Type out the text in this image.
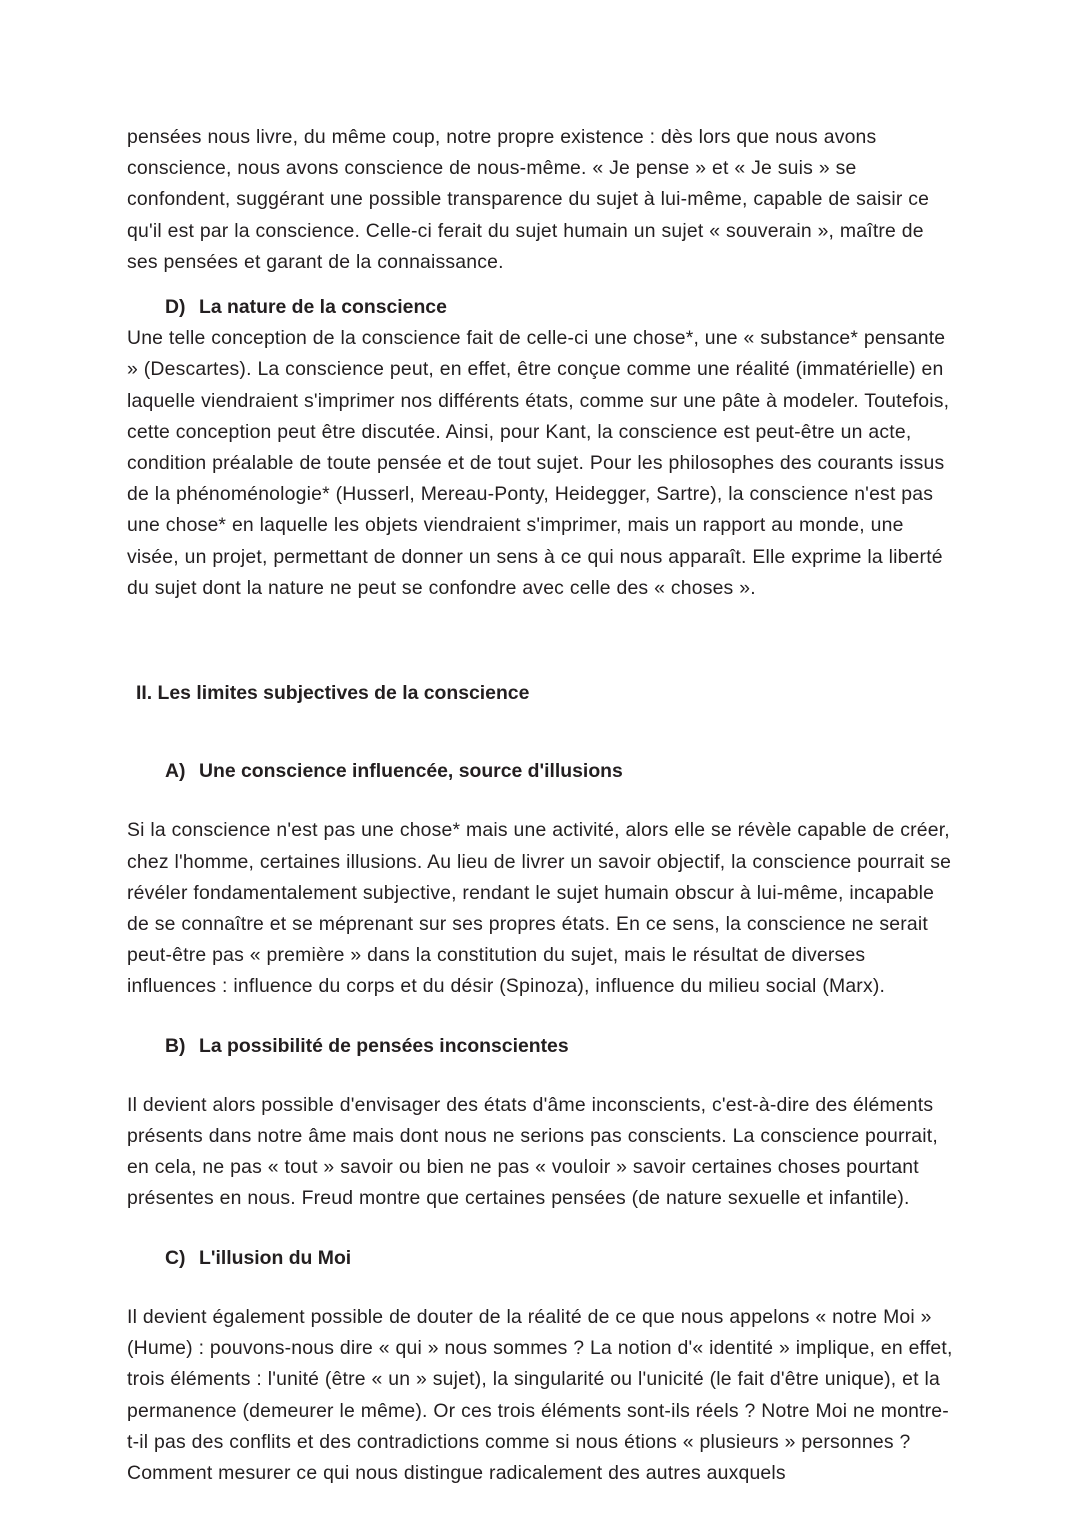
pensées nous livre, du même coup, notre propre existence : dès lors que nous avons conscience, nous avons conscience de nous-même. « Je pense » et « Je suis » se confondent, suggérant une possible transparence du sujet à lui-même, capable de saisir ce qu'il est par la conscience. Celle-ci ferait du sujet humain un sujet « souverain », maître de ses pensées et garant de la connaissance.

D) La nature de la conscience

Une telle conception de la conscience fait de celle-ci une chose*, une « substance* pensante » (Descartes). La conscience peut, en effet, être conçue comme une réalité (immatérielle) en laquelle viendraient s'imprimer nos différents états, comme sur une pâte à modeler. Toutefois, cette conception peut être discutée. Ainsi, pour Kant, la conscience est peut-être un acte, condition préalable de toute pensée et de tout sujet. Pour les philosophes des courants issus de la phénoménologie* (Husserl, Mereau-Ponty, Heidegger, Sartre), la conscience n'est pas une chose* en laquelle les objets viendraient s'imprimer, mais un rapport au monde, une visée, un projet, permettant de donner un sens à ce qui nous apparaît. Elle exprime la liberté du sujet dont la nature ne peut se confondre avec celle des « choses ».

II. Les limites subjectives de la conscience
A) Une conscience influencée, source d'illusions

Si la conscience n'est pas une chose* mais une activité, alors elle se révèle capable de créer, chez l'homme, certaines illusions. Au lieu de livrer un savoir objectif, la conscience pourrait se révéler fondamentalement subjective, rendant le sujet humain obscur à lui-même, incapable de se connaître et se méprenant sur ses propres états. En ce sens, la conscience ne serait peut-être pas « première » dans la constitution du sujet, mais le résultat de diverses influences : influence du corps et du désir (Spinoza), influence du milieu social (Marx).

B) La possibilité de pensées inconscientes

Il devient alors possible d'envisager des états d'âme inconscients, c'est-à-dire des éléments présents dans notre âme mais dont nous ne serions pas conscients. La conscience pourrait, en cela, ne pas « tout » savoir ou bien ne pas « vouloir » savoir certaines choses pourtant présentes en nous. Freud montre que certaines pensées (de nature sexuelle et infantile).

C) L'illusion du Moi

Il devient également possible de douter de la réalité de ce que nous appelons « notre Moi » (Hume) : pouvons-nous dire « qui » nous sommes ? La notion d'« identité » implique, en effet, trois éléments : l'unité (être « un » sujet), la singularité ou l'unicité (le fait d'être unique), et la permanence (demeurer le même). Or ces trois éléments sont-ils réels ? Notre Moi ne montre-t-il pas des conflits et des contradictions comme si nous étions « plusieurs » personnes ? Comment mesurer ce qui nous distingue radicalement des autres auxquels
